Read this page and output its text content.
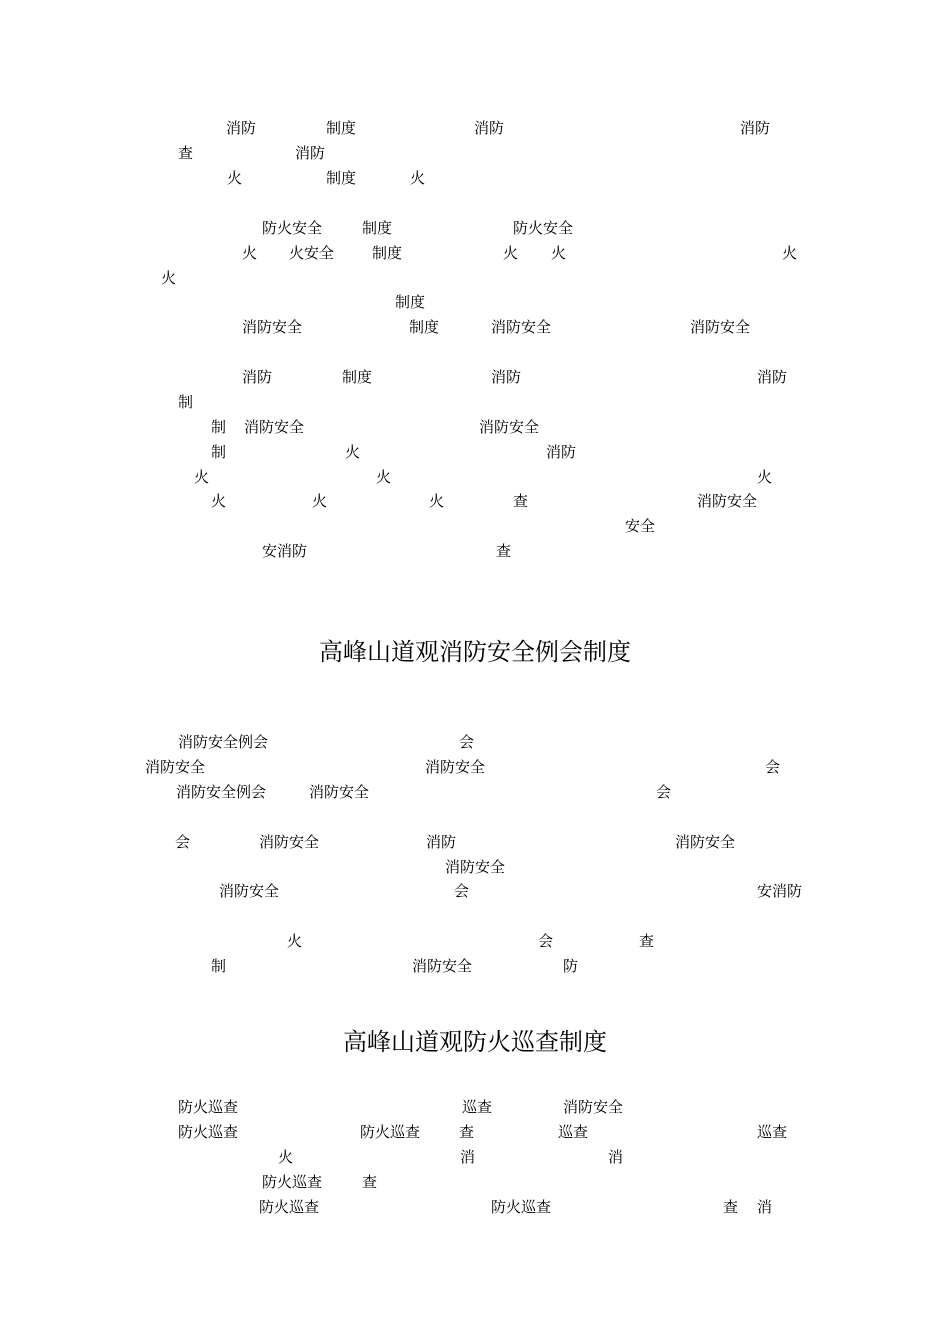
消防	制度	消防	消防
查	消防
火	制度	火
防火安全	制度	防火安全
火 火安全	制度	火 火	火
火
制度
消防安全	制度	消防安全	消防安全
消防	制度	消防	消防
制
制 消防安全	消防安全
制	火	消防
火	火	火
火	火	火	查	消防安全
安全
安消防	查
高峰山道观消防安全例会制度
消防安全例会	会
消防安全	消防安全	会
消防安全例会	消防安全	会
会	消防安全	消防	消防安全
消防安全
消防安全	会	安消防
火	会	查
制	消防安全	防
高峰山道观防火巡查制度
防火巡查	巡查	消防安全
防火巡查	防火巡查	查	巡查	巡查
火	消	消
防火巡查	查
防火巡查	防火巡查	查 消
